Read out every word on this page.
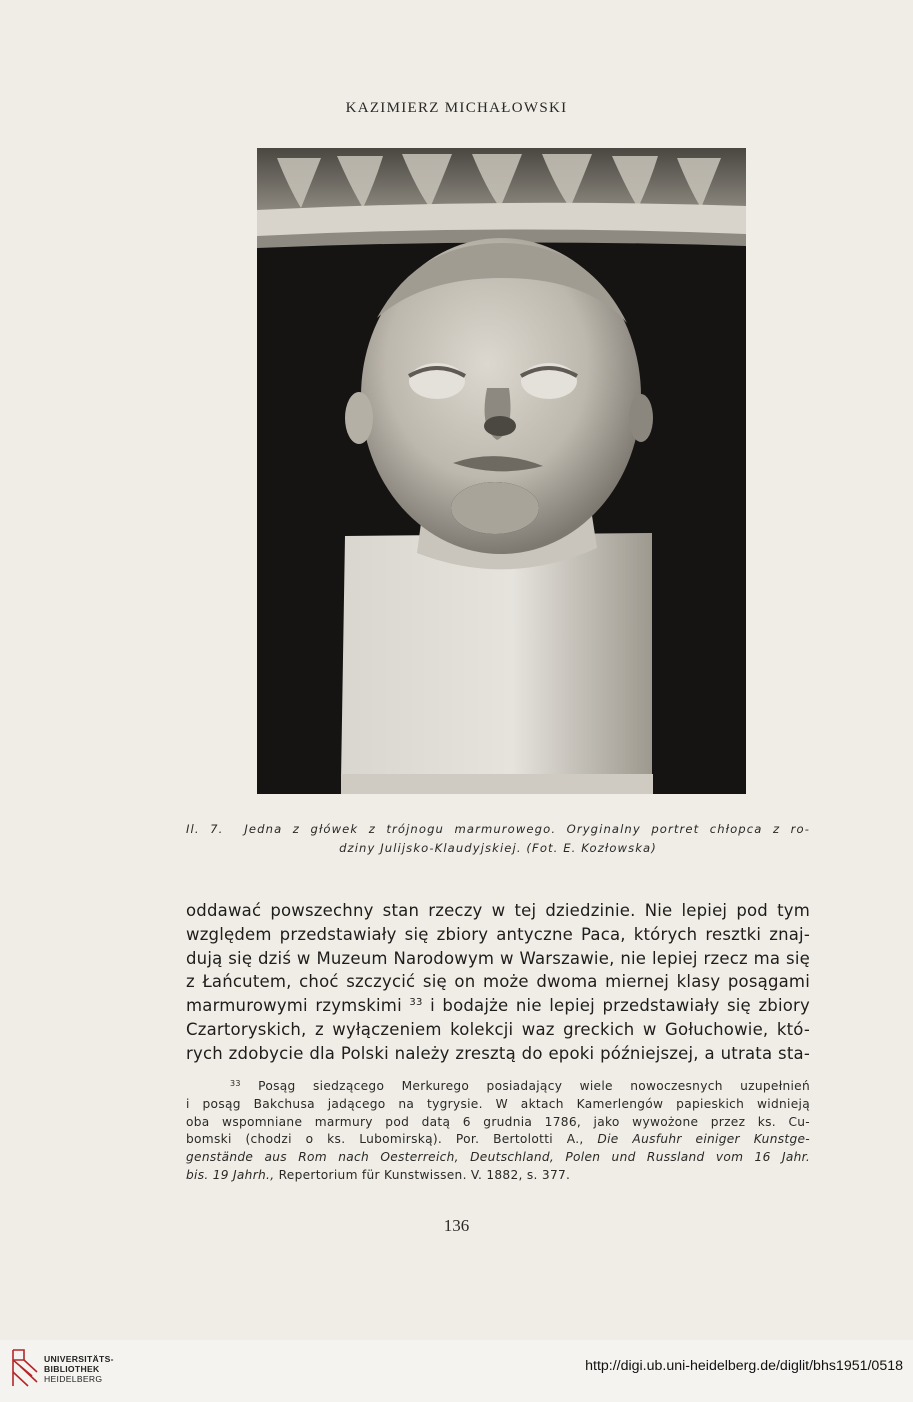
KAZIMIERZ MICHAŁOWSKI
Il. 7.  Jedna z główek z trójnogu marmurowego. Oryginalny portret chłopca z ro-
dziny Julijsko-Klaudyjskiej. (Fot. E. Kozłowska)
oddawać powszechny stan rzeczy w tej dziedzinie. Nie lepiej pod tym
względem przedstawiały się zbiory antyczne Paca, których resztki znaj-
dują się dziś w Muzeum Narodowym w Warszawie, nie lepiej rzecz ma się
z Łańcutem, choć szczycić się on może dwoma miernej klasy posągami
marmurowymi rzymskimi $^{33}$ i bodajże nie lepiej przedstawiały się zbiory
Czartoryskich, z wyłączeniem kolekcji waz greckich w Gołuchowie, któ-
rych zdobycie dla Polski należy zresztą do epoki późniejszej, a utrata sta-
$^{33}$ Posąg siedzącego Merkurego posiadający wiele nowoczesnych uzupełnień
i posąg Bakchusa jadącego na tygrysie. W aktach Kamerlengów papieskich widnieją
oba wspomniane marmury pod datą 6 grudnia 1786, jako wywożone przez ks. Cu-
bomski (chodzi o ks. Lubomirską). Por. Bertolotti A., Die Ausfuhr einiger Kunstge-
genstände aus Rom nach Oesterreich, Deutschland, Polen und Russland vom 16 Jahr.
bis. 19 Jahrh., Repertorium für Kunstwissen. V. 1882, s. 377.
136
UNIVERSITÄTS-
BIBLIOTHEK
HEIDELBERG
http://digi.ub.uni-heidelberg.de/diglit/bhs1951/0518
